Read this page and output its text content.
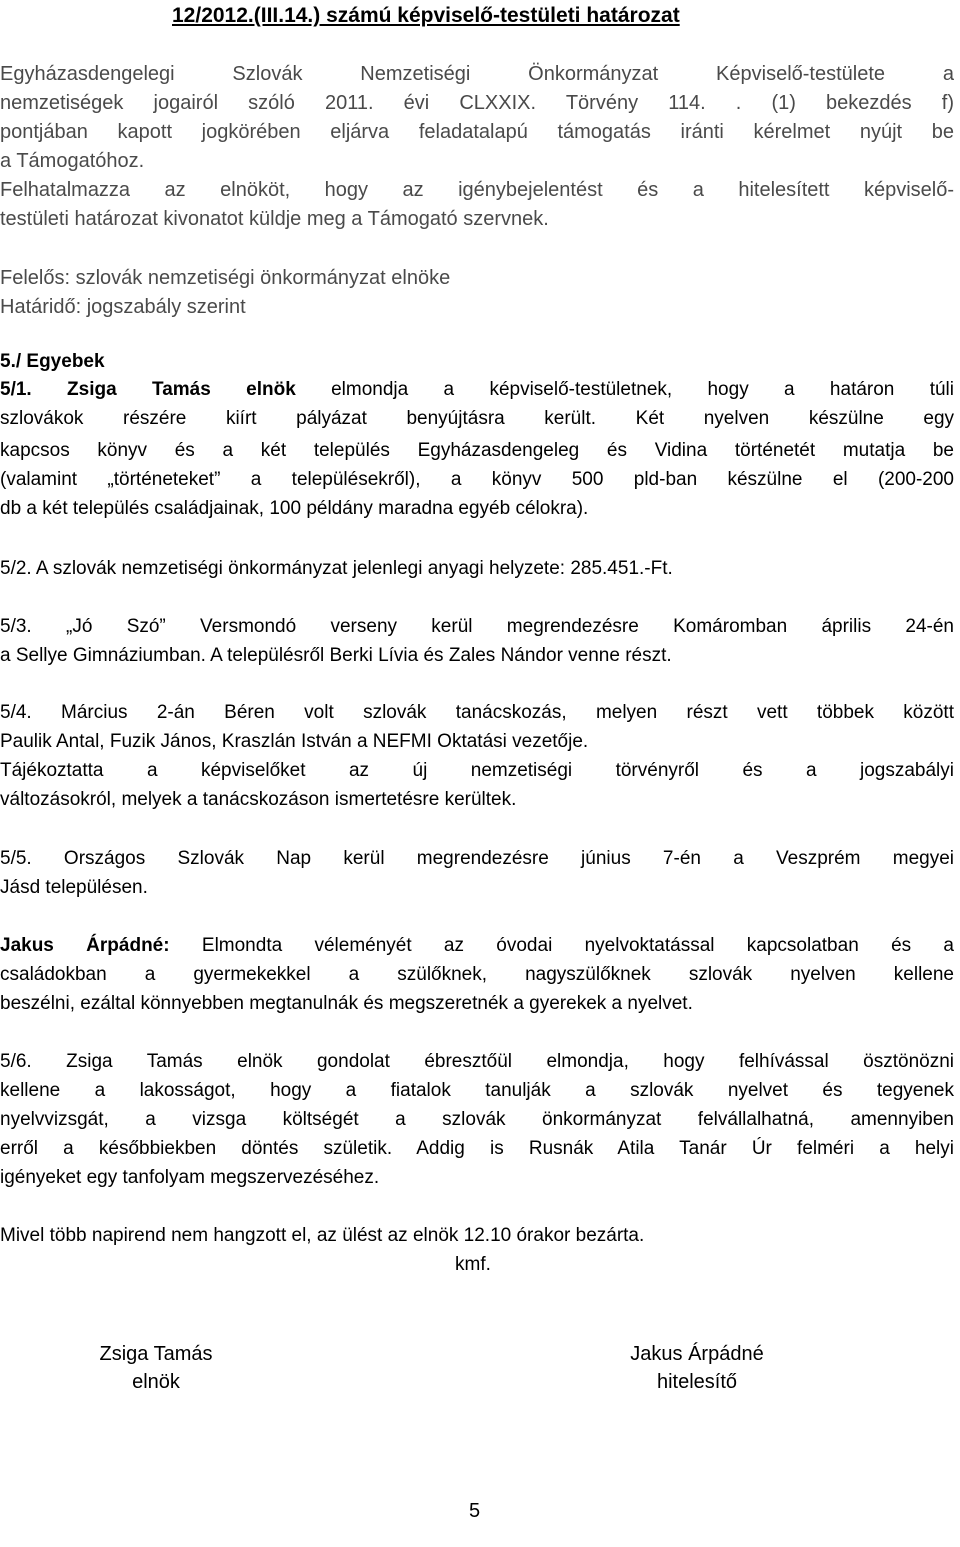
12/2012.(III.14.) számú képviselő-testületi határozat
Egyházasdengelegi Szlovák Nemzetiségi Önkormányzat Képviselő-testülete a
nemzetiségek jogairól szóló 2011. évi CLXXIX. Törvény 114. . (1) bekezdés f)
pontjában kapott jogkörében eljárva feladatalapú támogatás iránti kérelmet nyújt be
a Támogatóhoz.
Felhatalmazza az elnököt, hogy az igénybejelentést és a hitelesített képviselő-
testületi határozat kivonatot küldje meg a Támogató szervnek.
Felelős: szlovák nemzetiségi önkormányzat elnöke
Határidő: jogszabály szerint
5./ Egyebek
5/1. Zsiga Tamás elnök elmondja a képviselő-testületnek, hogy a határon túli
szlovákok részére kiírt pályázat benyújtásra került. Két nyelven készülne egy
kapcsos könyv és a két település Egyházasdengeleg és Vidina történetét mutatja be
(valamint „történeteket” a településekről), a könyv 500 pld-ban készülne el (200-200
db a két település családjainak, 100 példány maradna egyéb célokra).
5/2. A szlovák nemzetiségi önkormányzat jelenlegi anyagi helyzete: 285.451.-Ft.
5/3. „Jó Szó” Versmondó verseny kerül megrendezésre Komáromban április 24-én
a Sellye Gimnáziumban. A településről Berki Lívia és Zales Nándor venne részt.
5/4. Március 2-án Béren volt szlovák tanácskozás, melyen részt vett többek között
Paulik Antal, Fuzik János, Kraszlán István a NEFMI Oktatási vezetője.
Tájékoztatta a képviselőket az új nemzetiségi törvényről és a jogszabályi
változásokról, melyek a tanácskozáson ismertetésre kerültek.
5/5. Országos Szlovák Nap kerül megrendezésre június 7-én a Veszprém megyei
Jásd településen.
Jakus Árpádné: Elmondta véleményét az óvodai nyelvoktatással kapcsolatban és a
családokban a gyermekekkel a szülőknek, nagyszülőknek szlovák nyelven kellene
beszélni, ezáltal könnyebben megtanulnák és megszeretnék a gyerekek a nyelvet.
5/6. Zsiga Tamás elnök gondolat ébresztőül elmondja, hogy felhívással ösztönözni
kellene a lakosságot, hogy a fiatalok tanulják a szlovák nyelvet és tegyenek
nyelvvizsgát, a vizsga költségét a szlovák önkormányzat felvállalhatná, amennyiben
erről a későbbiekben döntés születik. Addig is Rusnák Atila Tanár Úr felméri a helyi
igényeket egy tanfolyam megszervezéséhez.
Mivel több napirend nem hangzott el, az ülést az elnök 12.10 órakor bezárta.
kmf.
Zsiga Tamás
elnök
Jakus Árpádné
hitelesítő
5
